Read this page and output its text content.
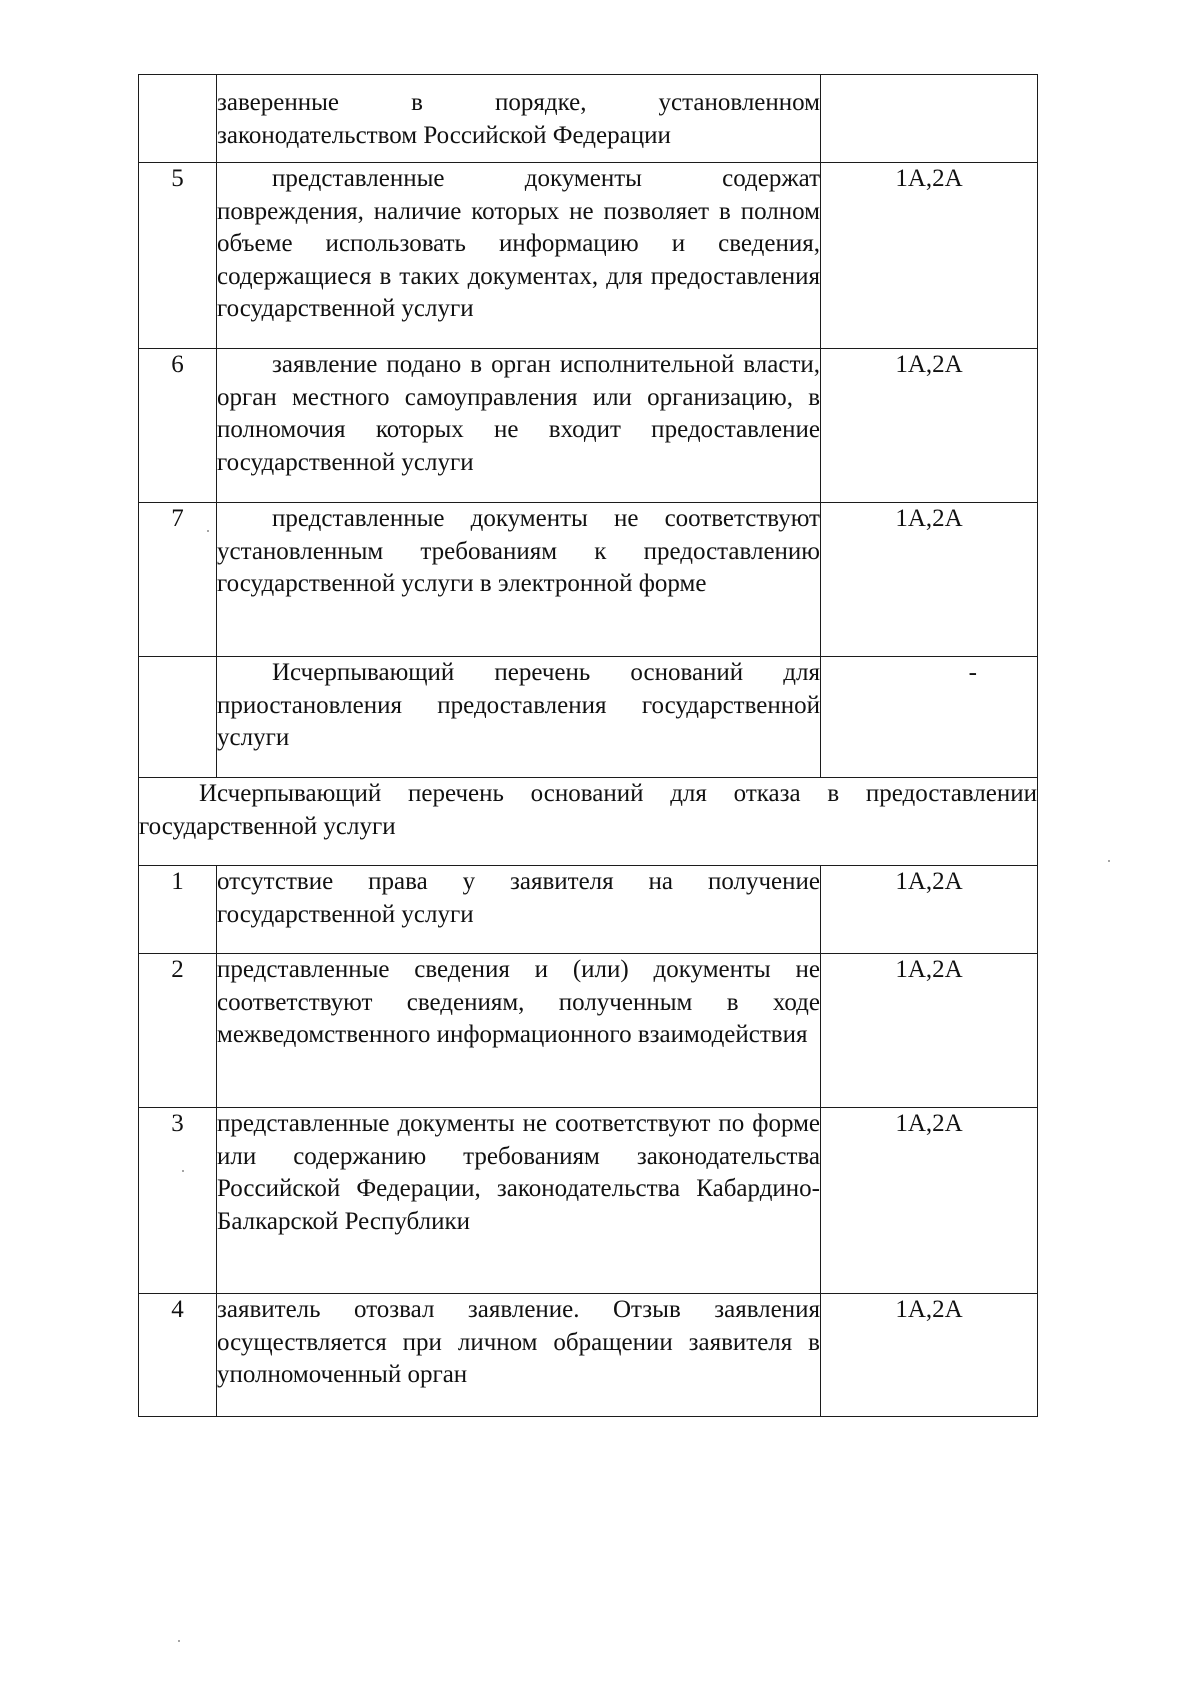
	заверенные в порядке, установленном законодательством Российской Федерации	
5	представленные документы содержат повреждения, наличие которых не позволяет в полном объеме использовать информацию и сведения, содержащиеся в таких документах, для предоставления государственной услуги	1А,2А
6	заявление подано в орган исполнительной власти, орган местного самоуправления или организацию, в полномочия которых не входит предоставление государственной услуги	1А,2А
7	представленные документы не соответствуют установленным требованиям к предоставлению государственной услуги в электронной форме	1А,2А

	Исчерпывающий перечень оснований для приостановления предоставления государственной услуги	-

Исчерпывающий перечень оснований для отказа в предоставлении государственной услуги		

1	отсутствие права у заявителя на получение государственной услуги	1А,2А
2	представленные сведения и (или) документы не соответствуют сведениям, полученным в ходе межведомственного информационного взаимодействия	1А,2А
3	представленные документы не соответствуют по форме или содержанию требованиям законодательства Российской Федерации, законодательства Кабардино-Балкарской Республики	1А,2А
4	заявитель отозвал заявление. Отзыв заявления осуществляется при личном обращении заявителя в уполномоченный орган	1А,2А
